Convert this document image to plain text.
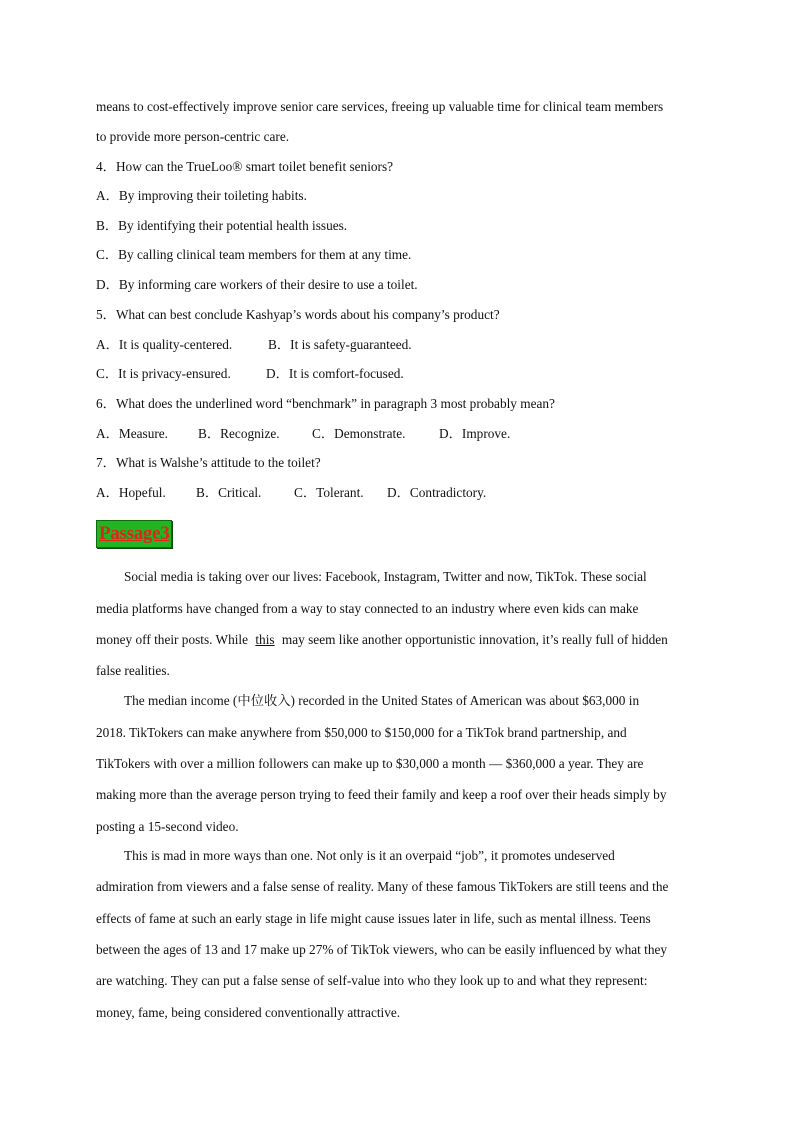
means to cost-effectively improve senior care services, freeing up valuable time for clinical team members
to provide more person-centric care.
4．How can the TrueLoo® smart toilet benefit seniors?
A．By improving their toileting habits.
B．By identifying their potential health issues.
C．By calling clinical team members for them at any time.
D．By informing care workers of their desire to use a toilet.
5．What can best conclude Kashyap’s words about his company’s product?
A．It is quality-centered.	B．It is safety-guaranteed.
C．It is privacy-ensured.	D．It is comfort-focused.
6．What does the underlined word “benchmark” in paragraph 3 most probably mean?
A．Measure. B．Recognize. C．Demonstrate.	D．Improve.
7．What is Walshe’s attitude to the toilet?
A．Hopeful. B．Critical. C．Tolerant. D．Contradictory.
Passage3
Social media is taking over our lives: Facebook, Instagram, Twitter and now, TikTok. These social
media platforms have changed from a way to stay connected to an industry where even kids can make
money off their posts. While this may seem like another opportunistic innovation, it’s really full of hidden
false realities.
The median income (中位收入) recorded in the United States of American was about $63,000 in
2018. TikTokers can make anywhere from $50,000 to $150,000 for a TikTok brand partnership, and
TikTokers with over a million followers can make up to $30,000 a month — $360,000 a year. They are
making more than the average person trying to feed their family and keep a roof over their heads simply by
posting a 15-second video.
This is mad in more ways than one. Not only is it an overpaid “job”, it promotes undeserved
admiration from viewers and a false sense of reality. Many of these famous TikTokers are still teens and the
effects of fame at such an early stage in life might cause issues later in life, such as mental illness. Teens
between the ages of 13 and 17 make up 27% of TikTok viewers, who can be easily influenced by what they
are watching. They can put a false sense of self-value into who they look up to and what they represent:
money, fame, being considered conventionally attractive.
